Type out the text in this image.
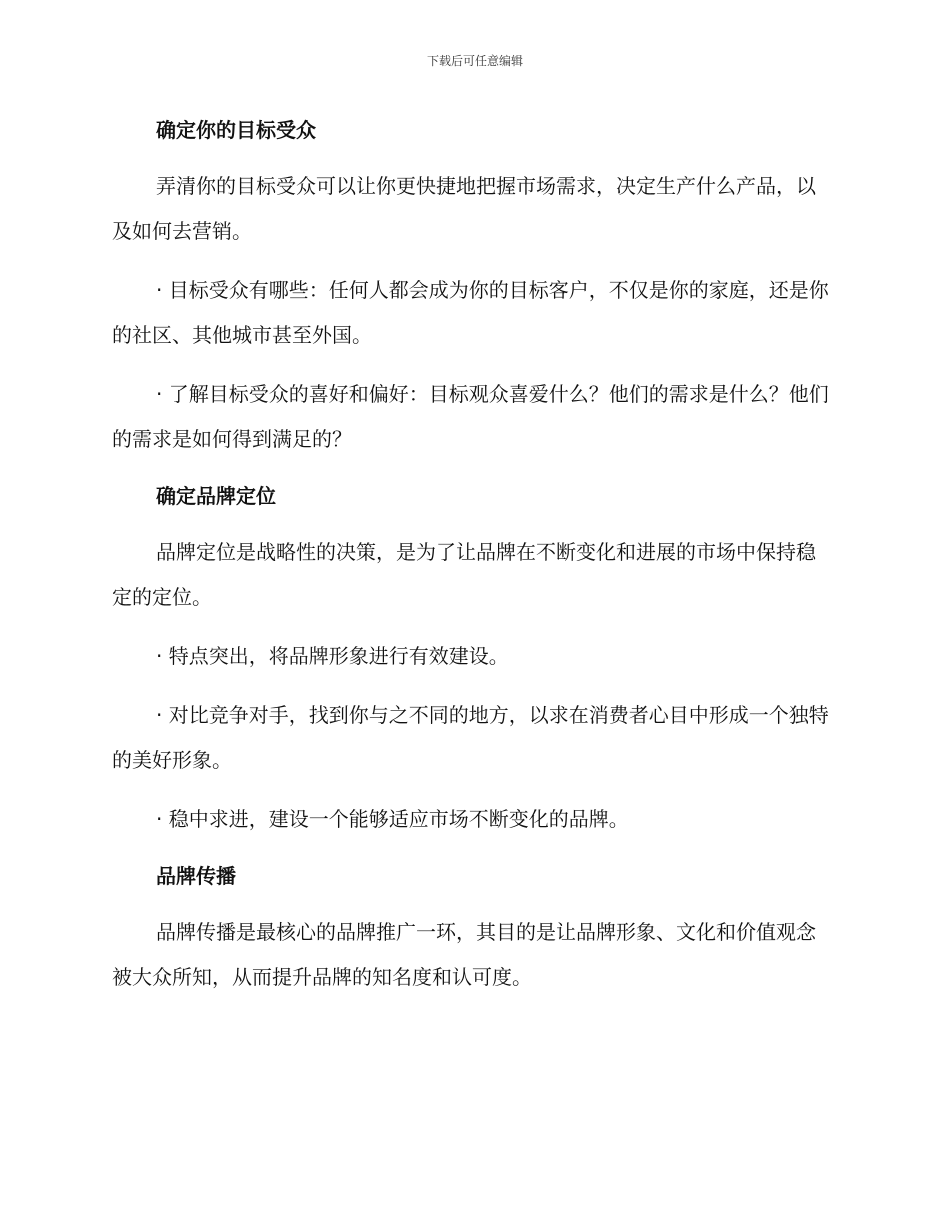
下载后可任意编辑
确定你的目标受众

弄清你的目标受众可以让你更快捷地把握市场需求，决定生产什么产品，以及如何去营销。

· 目标受众有哪些：任何人都会成为你的目标客户，不仅是你的家庭，还是你的社区、其他城市甚至外国。

· 了解目标受众的喜好和偏好：目标观众喜爱什么？他们的需求是什么？他们的需求是如何得到满足的？

确定品牌定位

品牌定位是战略性的决策，是为了让品牌在不断变化和进展的市场中保持稳定的定位。

· 特点突出，将品牌形象进行有效建设。

· 对比竞争对手，找到你与之不同的地方，以求在消费者心目中形成一个独特的美好形象。

· 稳中求进，建设一个能够适应市场不断变化的品牌。

品牌传播

品牌传播是最核心的品牌推广一环，其目的是让品牌形象、文化和价值观念被大众所知，从而提升品牌的知名度和认可度。
